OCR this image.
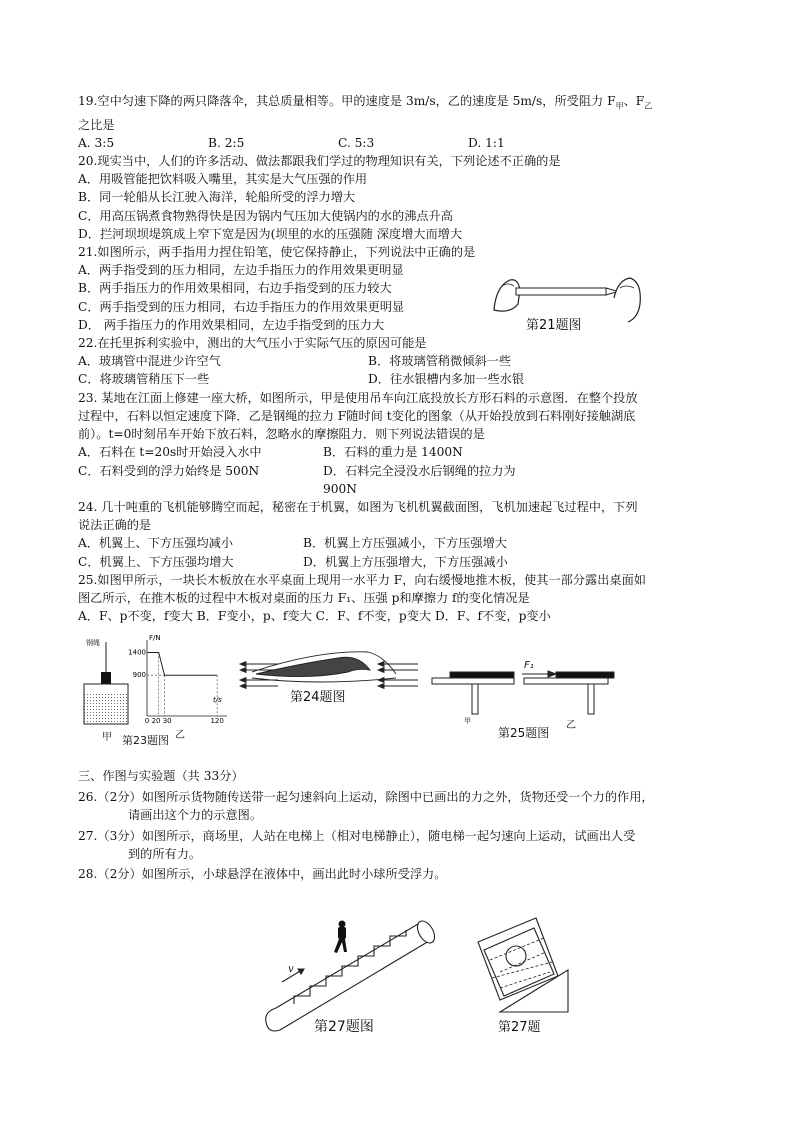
19.空中匀速下降的两只降落伞，其总质量相等。甲的速度是 3m/s，乙的速度是 5m/s，所受阻力 $F_甲$、$F_乙$
之比是
A. 3:5	B. 2:5	C. 5:3	D. 1:1
20.现实当中，人们的许多活动、做法都跟我们学过的物理知识有关，下列论述不正确的是
A．用吸管能把饮料吸入嘴里，其实是大气压强的作用
B．同一轮船从长江驶入海洋，轮船所受的浮力增大
C．用高压锅煮食物熟得快是因为锅内气压加大使锅内的水的沸点升高
D．拦河坝坝堤筑成上窄下宽是因为(坝里的水的压强随 深度增大而增大
21.如图所示，两手指用力捏住铅笔，使它保持静止，下列说法中正确的是
A．两手指受到的压力相同，左边手指压力的作用效果更明显
B．两手指压力的作用效果相同，右边手指受到的压力较大
C．两手指受到的压力相同，右边手指压力的作用效果更明显
D． 两手指压力的作用效果相同，左边手指受到的压力大
22.在托里拆利实验中，测出的大气压小于实际气压的原因可能是
A．玻璃管中混进少许空气	B．将玻璃管稍微倾斜一些
C．将玻璃管稍压下一些	D．往水银槽内多加一些水银
23. 某地在江面上修建一座大桥，如图所示，甲是使用吊车向江底投放长方形石料的示意图．在整个投放
过程中，石料以恒定速度下降．乙是钢绳的拉力 F随时间 t变化的图象（从开始投放到石料刚好接触湖底
前）。t=0时刻吊车开始下放石料，忽略水的摩擦阻力．则下列说法错误的是
A．石料在 t=20s时开始浸入水中	B．石料的重力是 1400N
C．石料受到的浮力始终是 500N	D．石料完全浸没水后钢绳的拉力为 900N
24. 几十吨重的飞机能够腾空而起，秘密在于机翼，如图为飞机机翼截面图，飞机加速起飞过程中，下列
说法正确的是
A．机翼上、下方压强均减小	B．机翼上方压强减小，下方压强增大
C．机翼上、下方压强均增大	D．机翼上方压强增大，下方压强减小
25.如图甲所示，一块长木板放在水平桌面上现用一水平力 F，向右缓慢地推木板，使其一部分露出桌面如
图乙所示，在推木板的过程中木板对桌面的压力 F₁、压强 p和摩擦力 f的变化情况是
A．F、p不变，f变大 B．F变小，p、f变大 C．F、f不变，p变大 D．F、f不变，p变小
第21题图
钢绳
甲
1400
900
F/N
t/s
0 20 30	120
乙
第23题图
第24题图
F₁
甲	乙
第25题图
三、作图与实验题（共 33分）
26.（2分）如图所示货物随传送带一起匀速斜向上运动，除图中已画出的力之外，货物还受一个力的作用，
请画出这个力的示意图。
27.（3分）如图所示，商场里，人站在电梯上（相对电梯静止），随电梯一起匀速向上运动，试画出人受
到的所有力。
28.（2分）如图所示，小球悬浮在液体中，画出此时小球所受浮力。
v
第27题图	第27题
